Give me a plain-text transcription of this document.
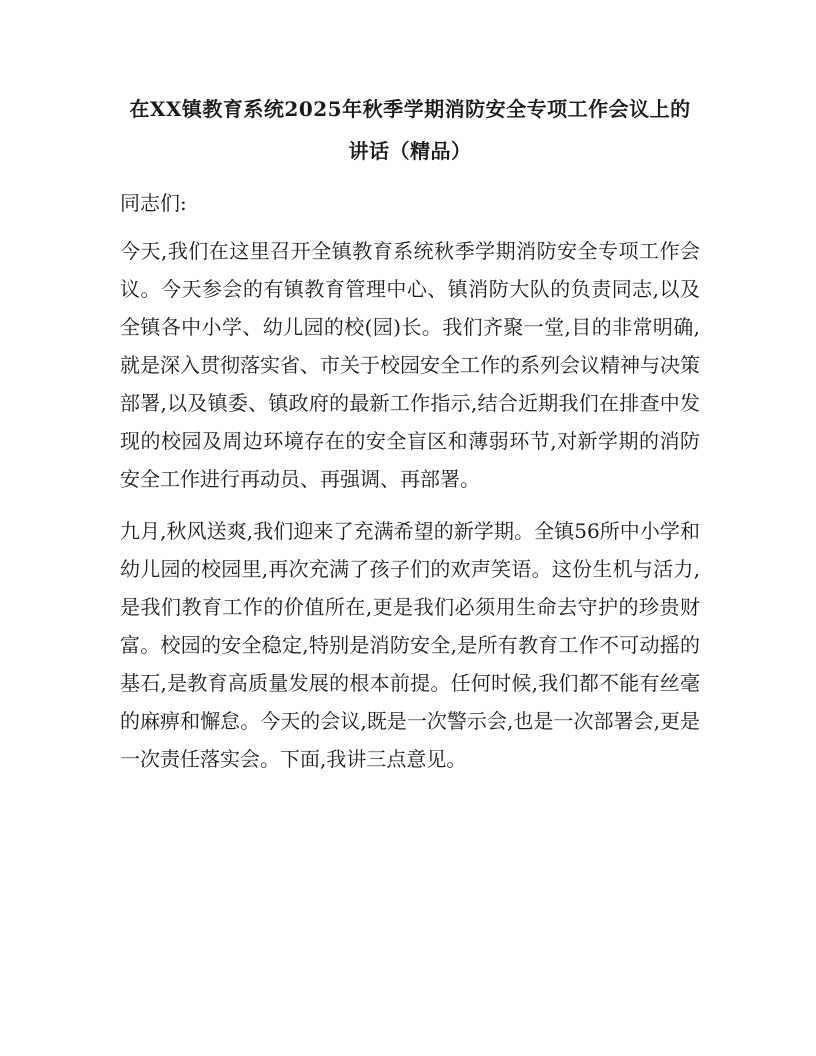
在XX镇教育系统2025年秋季学期消防安全专项工作会议上的讲话（精品）

同志们:

今天,我们在这里召开全镇教育系统秋季学期消防安全专项工作会议。今天参会的有镇教育管理中心、镇消防大队的负责同志,以及全镇各中小学、幼儿园的校(园)长。我们齐聚一堂,目的非常明确,就是深入贯彻落实省、市关于校园安全工作的系列会议精神与决策部署,以及镇委、镇政府的最新工作指示,结合近期我们在排查中发现的校园及周边环境存在的安全盲区和薄弱环节,对新学期的消防安全工作进行再动员、再强调、再部署。

九月,秋风送爽,我们迎来了充满希望的新学期。全镇56所中小学和幼儿园的校园里,再次充满了孩子们的欢声笑语。这份生机与活力,是我们教育工作的价值所在,更是我们必须用生命去守护的珍贵财富。校园的安全稳定,特别是消防安全,是所有教育工作不可动摇的基石,是教育高质量发展的根本前提。任何时候,我们都不能有丝毫的麻痹和懈怠。今天的会议,既是一次警示会,也是一次部署会,更是一次责任落实会。下面,我讲三点意见。
